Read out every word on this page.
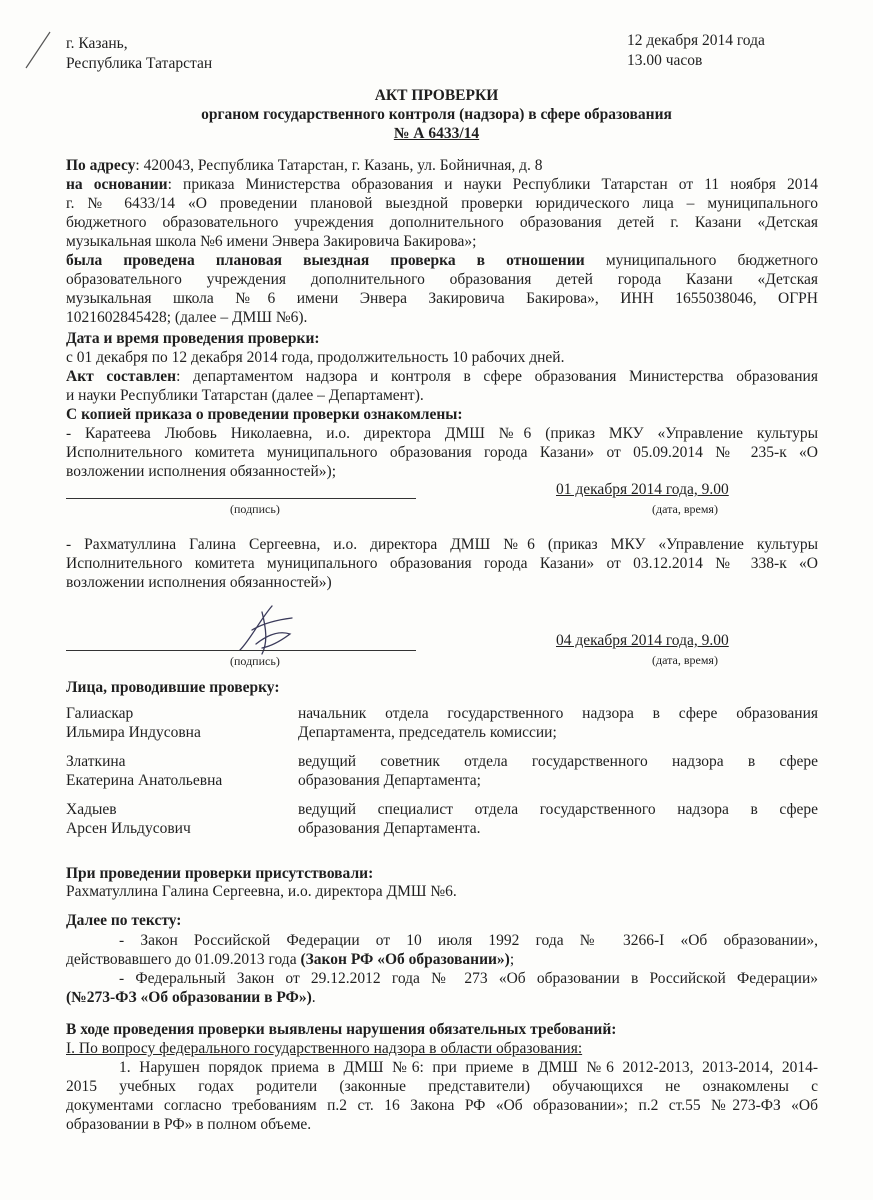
г. Казань,
Республика Татарстан
12 декабря 2014 года
13.00 часов
АКТ ПРОВЕРКИ
органом государственного контроля (надзора) в сфере образования
№ А 6433/14
По адресу: 420043, Республика Татарстан, г. Казань, ул. Бойничная, д. 8
на основании: приказа Министерства образования и науки Республики Татарстан от 11 ноября 2014
г. № 6433/14 «О проведении плановой выездной проверки юридического лица – муниципального
бюджетного образовательного учреждения дополнительного образования детей г. Казани «Детская
музыкальная школа №6 имени Энвера Закировича Бакирова»;
была проведена плановая выездная проверка в отношении муниципального бюджетного
образовательного учреждения дополнительного образования детей города Казани «Детская
музыкальная школа №6 имени Энвера Закировича Бакирова», ИНН 1655038046, ОГРН
1021602845428; (далее – ДМШ №6).
Дата и время проведения проверки:
с 01 декабря по 12 декабря 2014 года, продолжительность 10 рабочих дней.
Акт составлен: департаментом надзора и контроля в сфере образования Министерства образования
и науки Республики Татарстан (далее – Департамент).
С копией приказа о проведении проверки ознакомлены:
- Каратеева Любовь Николаевна, и.о. директора ДМШ №6 (приказ МКУ «Управление культуры
Исполнительного комитета муниципального образования города Казани» от 05.09.2014 № 235-к «О
возложении исполнения обязанностей»);
(подпись)
01 декабря 2014 года, 9.00
(дата, время)
- Рахматуллина Галина Сергеевна, и.о. директора ДМШ №6 (приказ МКУ «Управление культуры
Исполнительного комитета муниципального образования города Казани» от 03.12.2014 № 338-к «О
возложении исполнения обязанностей»)
(подпись)
04 декабря 2014 года, 9.00
(дата, время)
Лица, проводившие проверку:
Галиаскар
Ильмира Индусовна
начальник отдела государственного надзора в сфере образования
Департамента, председатель комиссии;
Златкина
Екатерина Анатольевна
ведущий советник отдела государственного надзора в сфере
образования Департамента;
Хадыев
Арсен Ильдусович
ведущий специалист отдела государственного надзора в сфере
образования Департамента.
При проведении проверки присутствовали:
Рахматуллина Галина Сергеевна, и.о. директора ДМШ №6.
Далее по тексту:
- Закон Российской Федерации от 10 июля 1992 года № 3266-I «Об образовании»,
действовавшего до 01.09.2013 года (Закон РФ «Об образовании»);
- Федеральный Закон от 29.12.2012 года № 273 «Об образовании в Российской Федерации»
(№273-ФЗ «Об образовании в РФ»).
В ходе проведения проверки выявлены нарушения обязательных требований:
I. По вопросу федерального государственного надзора в области образования:
1. Нарушен порядок приема в ДМШ №6: при приеме в ДМШ №6 2012-2013, 2013-2014, 2014-
2015 учебных годах родители (законные представители) обучающихся не ознакомлены с
документами согласно требованиям п.2 ст. 16 Закона РФ «Об образовании»; п.2 ст.55 №273-ФЗ «Об
образовании в РФ» в полном объеме.
